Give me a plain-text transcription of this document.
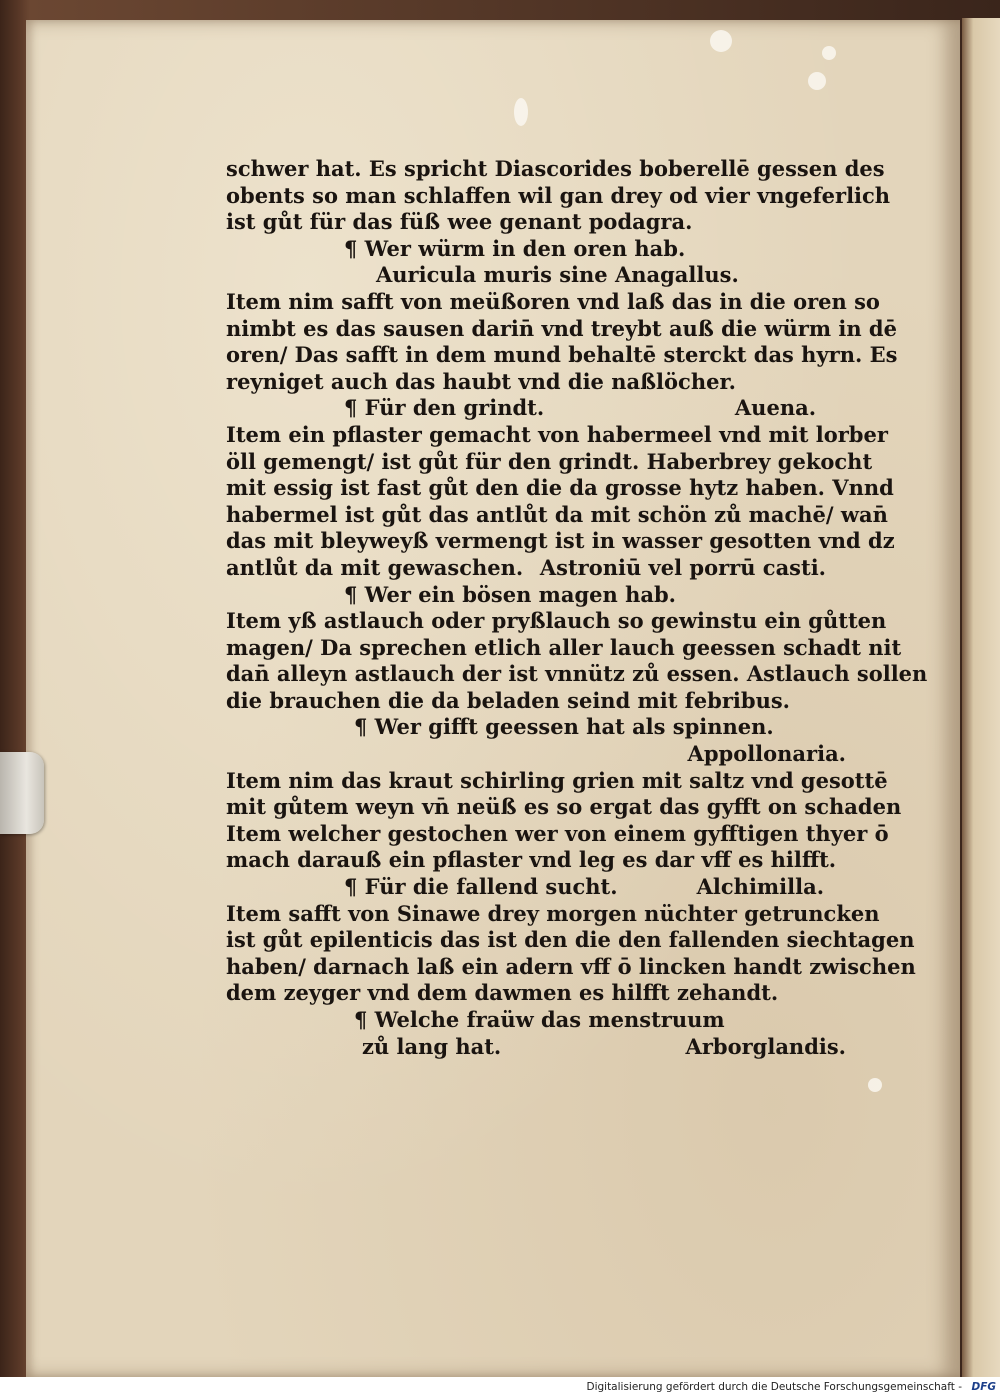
schwer hat. Es spricht Diascorides boberellē gessen des
obents so man schlaffen wil gan drey od vier vngeferlich
ist gůt für das füß wee genant podagra.
¶ Wer würm in den oren hab.
Auricula muris sine Anagallus.
Item nim safft von meüßoren vnd laß das in die oren so
nimbt es das sausen darin̄ vnd treybt auß die würm in dē
oren/ Das safft in dem mund behaltē sterckt das hyrn. Es
reyniget auch das haubt vnd die naßlöcher.
¶ Für den grindt.	Auena.
Item ein pflaster gemacht von habermeel vnd mit lorber
öll gemengt/ ist gůt für den grindt. Haberbrey gekocht
mit essig ist fast gůt den die da grosse hytz haben. Vnnd
habermel ist gůt das antlůt da mit schön zů machē/ wan̄
das mit bleyweyß vermengt ist in wasser gesotten vnd dz
antlůt da mit gewaschen. Astroniū vel porrū casti.
¶ Wer ein bösen magen hab.
Item yß astlauch oder pryßlauch so gewinstu ein gůtten
magen/ Da sprechen etlich aller lauch geessen schadt nit
dan̄ alleyn astlauch der ist vnnütz zů essen. Astlauch sollen
die brauchen die da beladen seind mit febribus.
¶ Wer gifft geessen hat als spinnen.
Appollonaria.
Item nim das kraut schirling grien mit saltz vnd gesottē
mit gůtem weyn vn̄ neüß es so ergat das gyfft on schaden
Item welcher gestochen wer von einem gyfftigen thyer ō
mach darauß ein pflaster vnd leg es dar vff es hilfft.
¶ Für die fallend sucht.	Alchimilla.
Item safft von Sinawe drey morgen nüchter getruncken
ist gůt epilenticis das ist den die den fallenden siechtagen
haben/ darnach laß ein adern vff ō lincken handt zwischen
dem zeyger vnd dem dawmen es hilfft zehandt.
¶ Welche fraüw das menstruum
zů lang hat.	Arborglandis.
Digitalisierung gefördert durch die Deutsche Forschungsgemeinschaft - DFG
